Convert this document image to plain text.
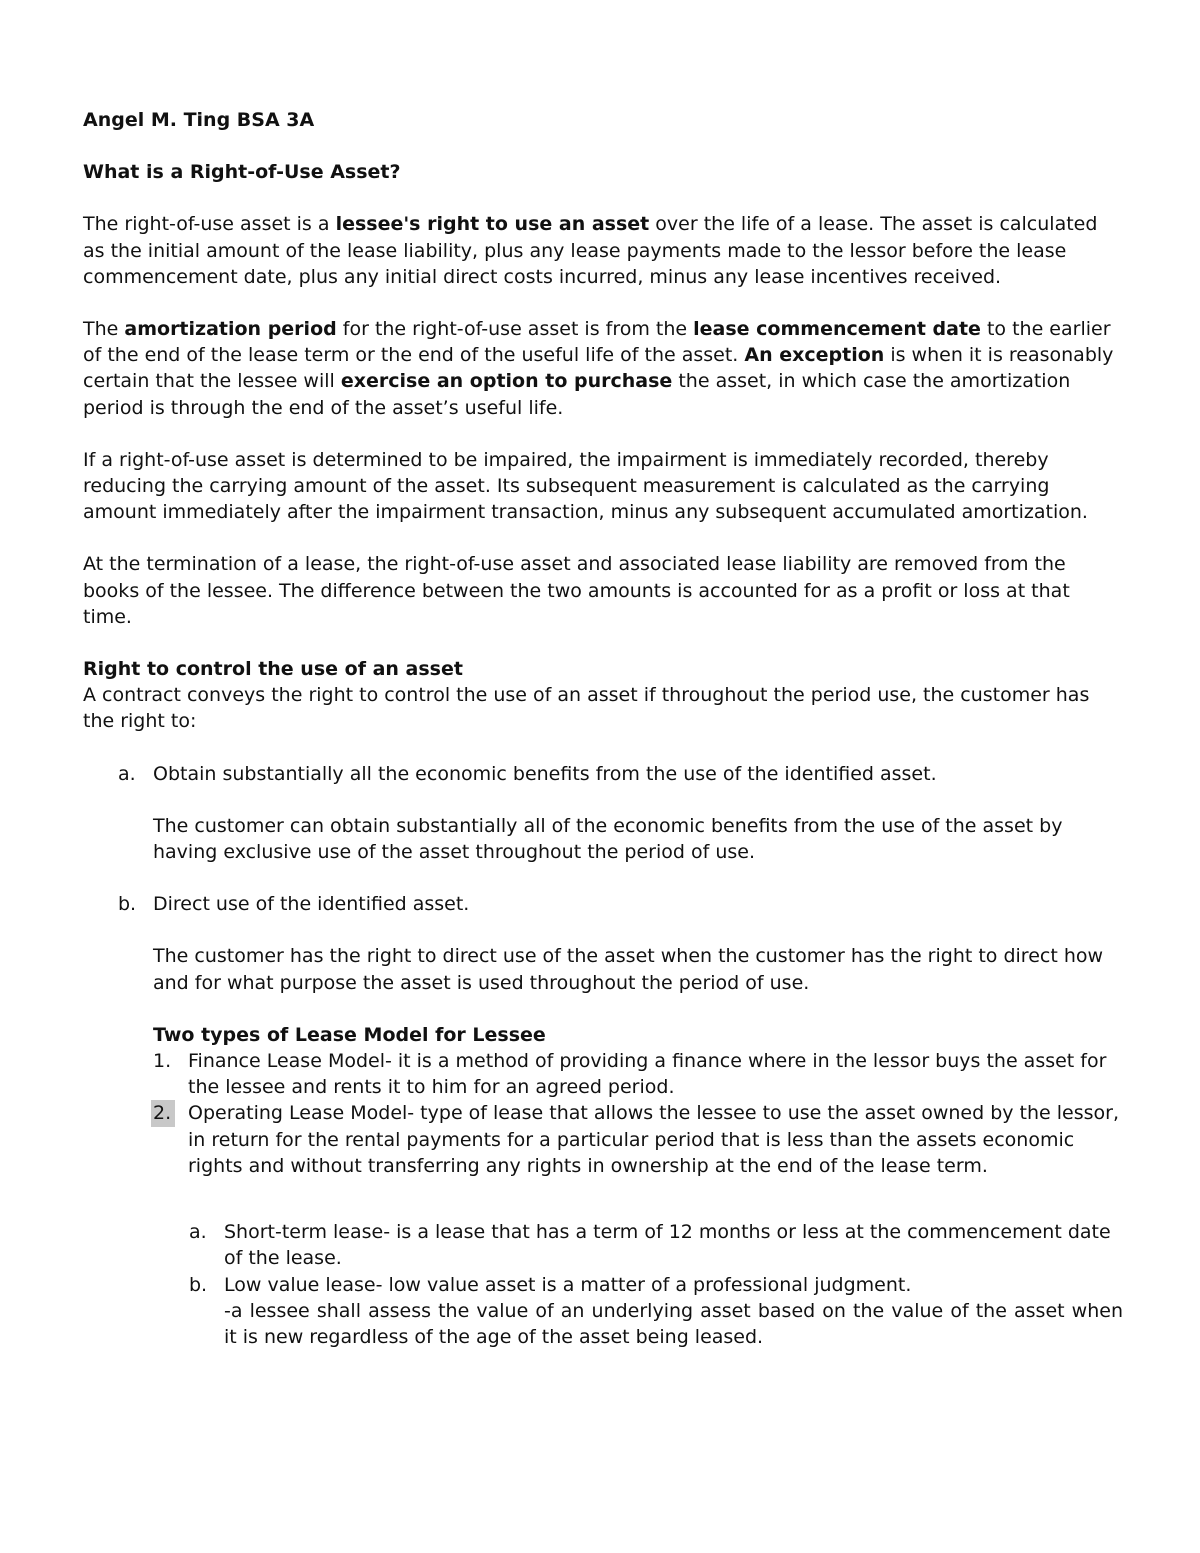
Angel M. Ting BSA 3A

What is a Right-of-Use Asset?

The right-of-use asset is a lessee's right to use an asset over the life of a lease. The asset is calculated as the initial amount of the lease liability, plus any lease payments made to the lessor before the lease commencement date, plus any initial direct costs incurred, minus any lease incentives received.

The amortization period for the right-of-use asset is from the lease commencement date to the earlier of the end of the lease term or the end of the useful life of the asset. An exception is when it is reasonably certain that the lessee will exercise an option to purchase the asset, in which case the amortization period is through the end of the asset’s useful life.

If a right-of-use asset is determined to be impaired, the impairment is immediately recorded, thereby reducing the carrying amount of the asset. Its subsequent measurement is calculated as the carrying amount immediately after the impairment transaction, minus any subsequent accumulated amortization.

At the termination of a lease, the right-of-use asset and associated lease liability are removed from the books of the lessee. The difference between the two amounts is accounted for as a profit or loss at that time.

Right to control the use of an asset

A contract conveys the right to control the use of an asset if throughout the period use, the customer has the right to:

a. Obtain substantially all the economic benefits from the use of the identified asset.

The customer can obtain substantially all of the economic benefits from the use of the asset by having exclusive use of the asset throughout the period of use.

b. Direct use of the identified asset.

The customer has the right to direct use of the asset when the customer has the right to direct how and for what purpose the asset is used throughout the period of use.

Two types of Lease Model for Lessee

1. Finance Lease Model- it is a method of providing a finance where in the lessor buys the asset for the lessee and rents it to him for an agreed period.

2. Operating Lease Model- type of lease that allows the lessee to use the asset owned by the lessor, in return for the rental payments for a particular period that is less than the assets economic rights and without transferring any rights in ownership at the end of the lease term.

a. Short-term lease- is a lease that has a term of 12 months or less at the commencement date of the lease.

b. Low value lease- low value asset is a matter of a professional judgment.

-a lessee shall assess the value of an underlying asset based on the value of the asset when it is new regardless of the age of the asset being leased.
